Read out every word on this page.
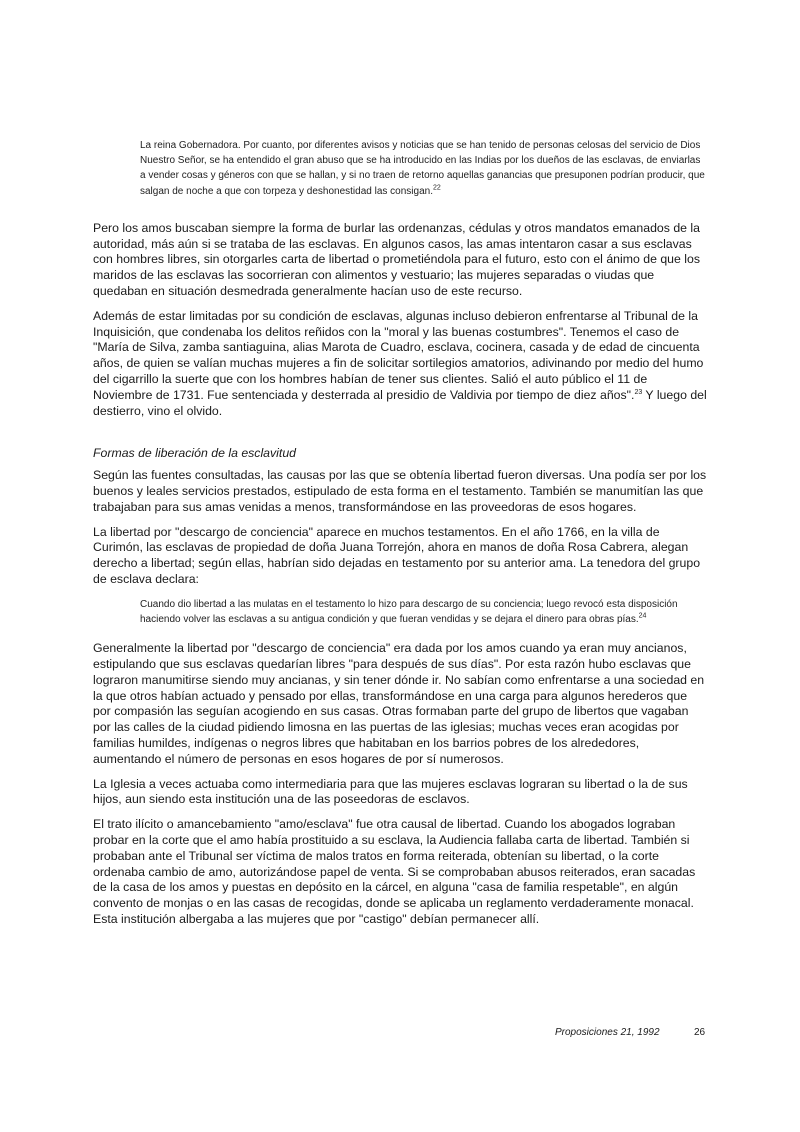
La reina Gobernadora. Por cuanto, por diferentes avisos y noticias que se han tenido de personas celosas del servicio de Dios Nuestro Señor, se ha entendido el gran abuso que se ha introducido en las Indias por los dueños de las esclavas, de enviarlas a vender cosas y géneros con que se hallan, y si no traen de retorno aquellas ganancias que presuponen podrían producir, que salgan de noche a que con torpeza y deshonestidad las consigan.$^{22}$

Pero los amos buscaban siempre la forma de burlar las ordenanzas, cédulas y otros mandatos emanados de la autoridad, más aún si se trataba de las esclavas. En algunos casos, las amas intentaron casar a sus esclavas con hombres libres, sin otorgarles carta de libertad o prometiéndola para el futuro, esto con el ánimo de que los maridos de las esclavas las socorrieran con alimentos y vestuario; las mujeres separadas o viudas que quedaban en situación desmedrada generalmente hacían uso de este recurso.

Además de estar limitadas por su condición de esclavas, algunas incluso debieron enfrentarse al Tribunal de la Inquisición, que condenaba los delitos reñidos con la "moral y las buenas costumbres". Tenemos el caso de "María de Silva, zamba santiaguina, alias Marota de Cuadro, esclava, cocinera, casada y de edad de cincuenta años, de quien se valían muchas mujeres a fin de solicitar sortilegios amatorios, adivinando por medio del humo del cigarrillo la suerte que con los hombres habían de tener sus clientes. Salió el auto público el 11 de Noviembre de 1731. Fue sentenciada y desterrada al presidio de Valdivia por tiempo de diez años".$^{23}$ Y luego del destierro, vino el olvido.

Formas de liberación de la esclavitud

Según las fuentes consultadas, las causas por las que se obtenía libertad fueron diversas. Una podía ser por los buenos y leales servicios prestados, estipulado de esta forma en el testamento. También se manumitían las que trabajaban para sus amas venidas a menos, transformándose en las proveedoras de esos hogares.

La libertad por "descargo de conciencia" aparece en muchos testamentos. En el año 1766, en la villa de Curimón, las esclavas de propiedad de doña Juana Torrejón, ahora en manos de doña Rosa Cabrera, alegan derecho a libertad; según ellas, habrían sido dejadas en testamento por su anterior ama. La tenedora del grupo de esclava declara:

Cuando dio libertad a las mulatas en el testamento lo hizo para descargo de su conciencia; luego revocó esta disposición haciendo volver las esclavas a su antigua condición y que fueran vendidas y se dejara el dinero para obras pías.$^{24}$

Generalmente la libertad por "descargo de conciencia" era dada por los amos cuando ya eran muy ancianos, estipulando que sus esclavas quedarían libres "para después de sus días". Por esta razón hubo esclavas que lograron manumitirse siendo muy ancianas, y sin tener dónde ir. No sabían como enfrentarse a una sociedad en la que otros habían actuado y pensado por ellas, transformándose en una carga para algunos herederos que por compasión las seguían acogiendo en sus casas. Otras formaban parte del grupo de libertos que vagaban por las calles de la ciudad pidiendo limosna en las puertas de las iglesias; muchas veces eran acogidas por familias humildes, indígenas o negros libres que habitaban en los barrios pobres de los alrededores, aumentando el número de personas en esos hogares de por sí numerosos.

La Iglesia a veces actuaba como intermediaria para que las mujeres esclavas lograran su libertad o la de sus hijos, aun siendo esta institución una de las poseedoras de esclavos.

El trato ilícito o amancebamiento "amo/esclava" fue otra causal de libertad. Cuando los abogados lograban probar en la corte que el amo había prostituido a su esclava, la Audiencia fallaba carta de libertad. También si probaban ante el Tribunal ser víctima de malos tratos en forma reiterada, obtenían su libertad, o la corte ordenaba cambio de amo, autorizándose papel de venta. Si se comprobaban abusos reiterados, eran sacadas de la casa de los amos y puestas en depósito en la cárcel, en alguna "casa de familia respetable", en algún convento de monjas o en las casas de recogidas, donde se aplicaba un reglamento verdaderamente monacal. Esta institución albergaba a las mujeres que por "castigo" debían permanecer allí.

Proposiciones 21, 1992	26
